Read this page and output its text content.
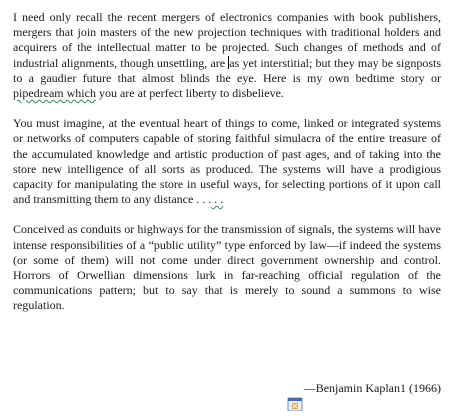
I need only recall the recent mergers of electronics companies with book publishers, mergers that join masters of the new projection techniques with traditional holders and acquirers of the intellectual matter to be projected. Such changes of methods and of industrial alignments, though unsettling, are as yet interstitial; but they may be signposts to a gaudier future that almost blinds the eye. Here is my own bedtime story or pipedream which you are at perfect liberty to disbelieve.

You must imagine, at the eventual heart of things to come, linked or integrated systems or networks of computers capable of storing faithful simulacra of the entire treasure of the accumulated knowledge and artistic production of past ages, and of taking into the store new intelligence of all sorts as produced. The systems will have a prodigious capacity for manipulating the store in useful ways, for selecting portions of it upon call and transmitting them to any distance . . . . .

Conceived as conduits or highways for the transmission of signals, the systems will have intense responsibilities of a “public utility” type enforced by law—if indeed the systems (or some of them) will not come under direct government ownership and control. Horrors of Orwellian dimensions lurk in far-reaching official regulation of the communications pattern; but to say that is merely to sound a summons to wise regulation.

—Benjamin Kaplan1 (1966)
